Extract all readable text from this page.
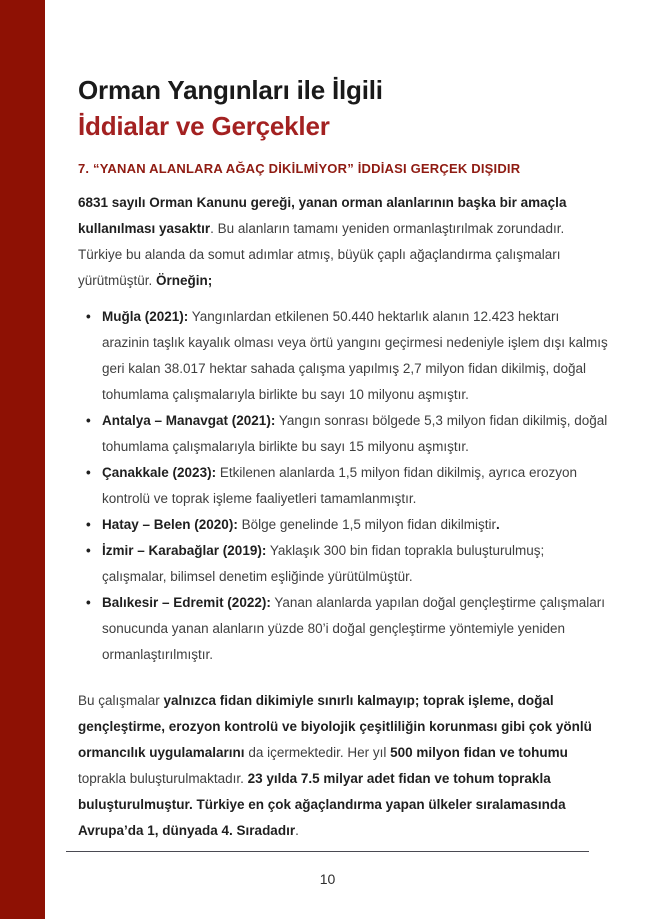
Orman Yangınları ile İlgili
İddialar ve Gerçekler
7. “YANAN ALANLARA AĞAÇ DİKİLMİYOR” İDDİASI GERÇEK DIŞIDIR

6831 sayılı Orman Kanunu gereği, yanan orman alanlarının başka bir amaçla kullanılması yasaktır. Bu alanların tamamı yeniden ormanlaştırılmak zorundadır. Türkiye bu alanda da somut adımlar atmış, büyük çaplı ağaçlandırma çalışmaları yürütmüştür. Örneğin;

• Muğla (2021): Yangınlardan etkilenen 50.440 hektarlık alanın 12.423 hektarı arazinin taşlık kayalık olması veya örtü yangını geçirmesi nedeniyle işlem dışı kalmış geri kalan 38.017 hektar sahada çalışma yapılmış 2,7 milyon fidan dikilmiş, doğal tohumlama çalışmalarıyla birlikte bu sayı 10 milyonu aşmıştır.
• Antalya – Manavgat (2021): Yangın sonrası bölgede 5,3 milyon fidan dikilmiş, doğal tohumlama çalışmalarıyla birlikte bu sayı 15 milyonu aşmıştır.
• Çanakkale (2023): Etkilenen alanlarda 1,5 milyon fidan dikilmiş, ayrıca erozyon kontrolü ve toprak işleme faaliyetleri tamamlanmıştır.
• Hatay – Belen (2020): Bölge genelinde 1,5 milyon fidan dikilmiştir.
• İzmir – Karabağlar (2019): Yaklaşık 300 bin fidan toprakla buluşturulmuş; çalışmalar, bilimsel denetim eşliğinde yürütülmüştür.
• Balıkesir – Edremit (2022): Yanan alanlarda yapılan doğal gençleştirme çalışmaları sonucunda yanan alanların yüzde 80’i doğal gençleştirme yöntemiyle yeniden ormanlaştırılmıştır.

Bu çalışmalar yalnızca fidan dikimiyle sınırlı kalmayıp; toprak işleme, doğal gençleştirme, erozyon kontrolü ve biyolojik çeşitliliğin korunması gibi çok yönlü ormancılık uygulamalarını da içermektedir. Her yıl 500 milyon fidan ve tohumu toprakla buluşturulmaktadır. 23 yılda 7.5 milyar adet fidan ve tohum toprakla buluşturulmuştur. Türkiye en çok ağaçlandırma yapan ülkeler sıralamasında Avrupa’da 1, dünyada 4. Sıradadır.

10
